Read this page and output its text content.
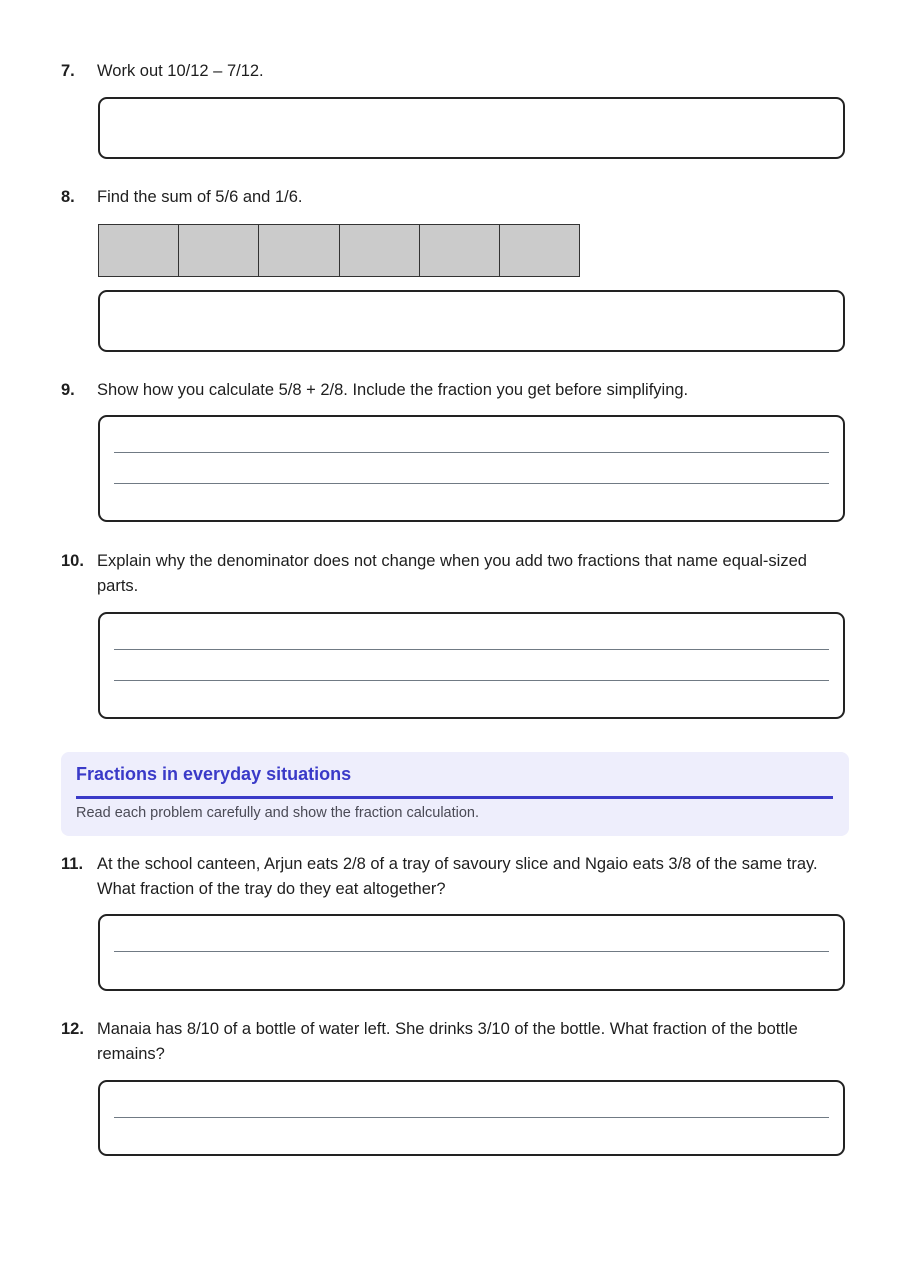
7. Work out 10/12 – 7/12.
8. Find the sum of 5/6 and 1/6.
9. Show how you calculate 5/8 + 2/8. Include the fraction you get before simplifying.
10. Explain why the denominator does not change when you add two fractions that name equal-sized parts.
Fractions in everyday situations
Read each problem carefully and show the fraction calculation.
11. At the school canteen, Arjun eats 2/8 of a tray of savoury slice and Ngaio eats 3/8 of the same tray. What fraction of the tray do they eat altogether?
12. Manaia has 8/10 of a bottle of water left. She drinks 3/10 of the bottle. What fraction of the bottle remains?
